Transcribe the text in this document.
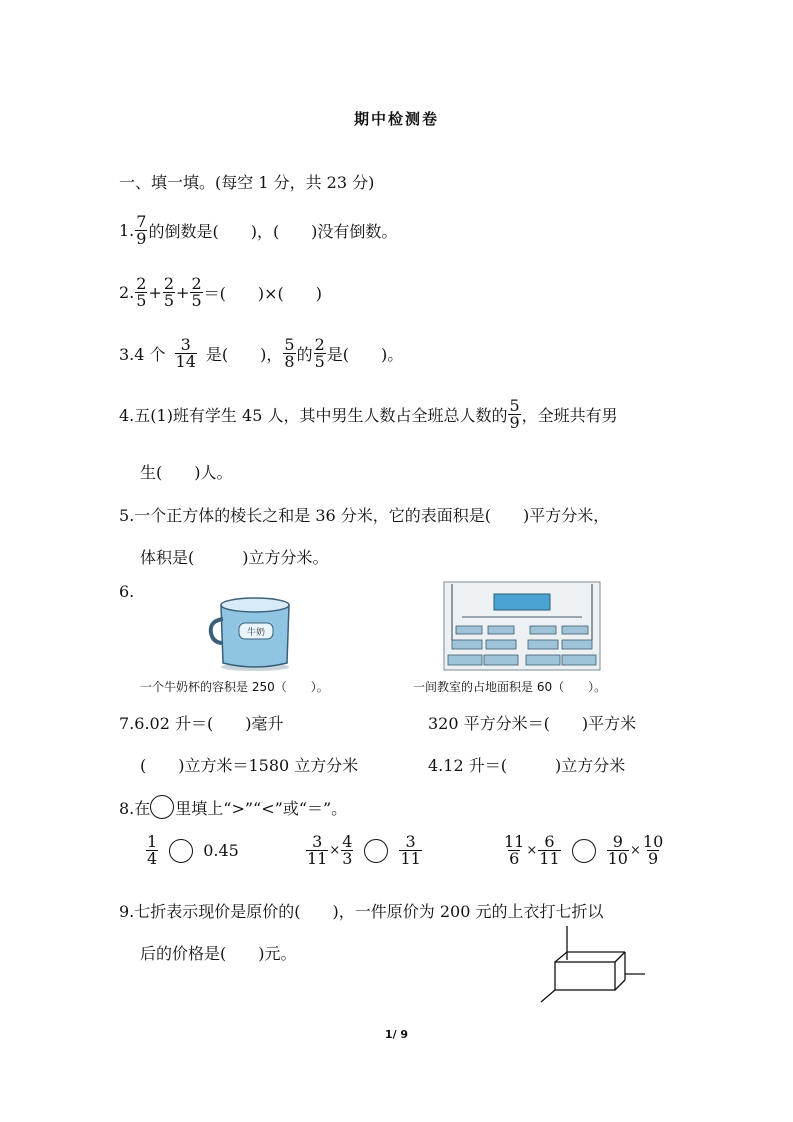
期中检测卷
一、填一填。(每空 1 分，共 23 分)
1. $\frac{7}{9}$ 的倒数是(　　)，(　　)没有倒数。
2. $\frac{2}{5} + \frac{2}{5} + \frac{2}{5}$ ＝(　　)×(　　)
3.4 个 $\frac{3}{14}$ 是(　　)， $\frac{5}{8}$ 的 $\frac{2}{5}$ 是(　　)。
4.五(1)班有学生 45 人，其中男生人数占全班总人数的 $\frac{5}{9}$ ，全班共有男
生(　　)人。
5.一个正方体的棱长之和是 36 分米，它的表面积是(　　)平方分米，
体积是(　　　)立方分米。
6.
牛奶
一个牛奶杯的容积是 250（　　）。	一间教室的占地面积是 60（　　）。
7.6.02 升＝(　　)毫升	320 平方分米＝(　　)平方米
(　　)立方米＝1580 立方分米	4.12 升＝(　　　)立方分米
8.在 里填上“>”“<”或“＝”。
$\frac{1}{4}$	0.45	$\frac{3}{11} \times \frac{4}{3}$	$\frac{3}{11}$	$\frac{11}{6} \times \frac{6}{11}$	$\frac{9}{10} \times \frac{10}{9}$
9.七折表示现价是原价的(　　)，一件原价为 200 元的上衣打七折以
后的价格是(　　)元。
1/ 9
